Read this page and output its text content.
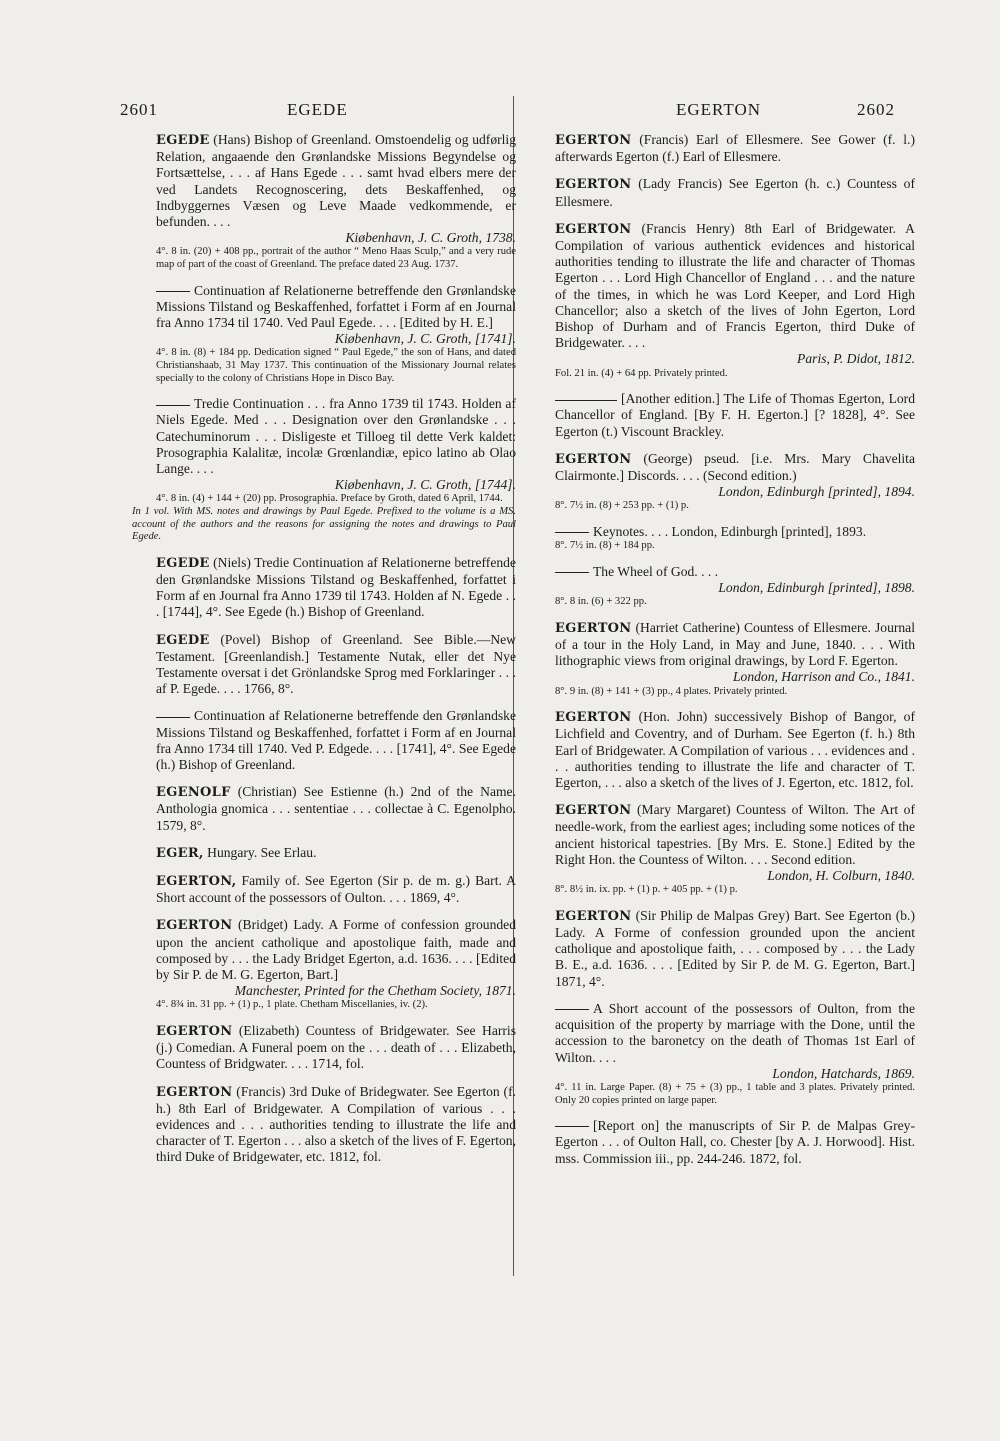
2601	EGEDE	EGERTON	2602

EGEDE (Hans) Bishop of Greenland. Omstoendelig og udførlig Relation, angaaende den Grønlandske Missions Begyndelse og Fortsættelse, . . . af Hans Egede . . . samt hvad elbers mere der ved Landets Recognoscering, dets Beskaffenhed, og Indbyggernes Væsen og Leve Maade vedkommende, er befunden. . . .

Kiøbenhavn, J. C. Groth, 1738.

4°. 8 in. (20) + 408 pp., portrait of the author “ Meno Haas Sculp,” and a very rude map of part of the coast of Greenland. The preface dated 23 Aug. 1737.

Continuation af Relationerne betreffende den Grønlandske Missions Tilstand og Beskaffenhed, forfattet i Form af en Journal fra Anno 1734 til 1740. Ved Paul Egede. . . . [Edited by H. E.]

Kiøbenhavn, J. C. Groth, [1741].

4°. 8 in. (8) + 184 pp. Dedication signed “ Paul Egede,” the son of Hans, and dated Christianshaab, 31 May 1737. This continuation of the Missionary Journal relates specially to the colony of Christians Hope in Disco Bay.

Tredie Continuation . . . fra Anno 1739 til 1743. Holden af Niels Egede. Med . . . Designation over den Grønlandske . . . Catechuminorum . . . Disligeste et Tilloeg til dette Verk kaldet: Prosographia Kalalitæ, incolæ Grœnlandiæ, epico latino ab Olao Lange. . . .

Kiøbenhavn, J. C. Groth, [1744].

4°. 8 in. (4) + 144 + (20) pp. Prosographia. Preface by Groth, dated 6 April, 1744.

In 1 vol. With MS. notes and drawings by Paul Egede. Prefixed to the volume is a MS. account of the authors and the reasons for assigning the notes and drawings to Paul Egede.

EGEDE (Niels) Tredie Continuation af Relationerne betreffende den Grønlandske Missions Tilstand og Beskaffenhed, forfattet i Form af en Journal fra Anno 1739 til 1743. Holden af N. Egede . . . [1744], 4°. See Egede (h.) Bishop of Greenland.

EGEDE (Povel) Bishop of Greenland. See Bible.—New Testament. [Greenlandish.] Testamente Nutak, eller det Nye Testamente oversat i det Grönlandske Sprog med Forklaringer . . . af P. Egede. . . . 1766, 8°.

Continuation af Relationerne betreffende den Grønlandske Missions Tilstand og Beskaffenhed, forfattet i Form af en Journal fra Anno 1734 till 1740. Ved P. Edgede. . . . [1741], 4°. See Egede (h.) Bishop of Greenland.

EGENOLF (Christian) See Estienne (h.) 2nd of the Name. Anthologia gnomica . . . sententiae . . . collectae à C. Egenolpho. 1579, 8°.

EGER, Hungary. See Erlau.

EGERTON, Family of. See Egerton (Sir p. de m. g.) Bart. A Short account of the possessors of Oulton. . . . 1869, 4°.

EGERTON (Bridget) Lady. A Forme of confession grounded upon the ancient catholique and apostolique faith, made and composed by . . . the Lady Bridget Egerton, a.d. 1636. . . . [Edited by Sir P. de M. G. Egerton, Bart.]

Manchester, Printed for the Chetham Society, 1871.

4°. 8¾ in. 31 pp. + (1) p., 1 plate. Chetham Miscellanies, iv. (2).

EGERTON (Elizabeth) Countess of Bridgewater. See Harris (j.) Comedian. A Funeral poem on the . . . death of . . . Elizabeth, Countess of Bridgwater. . . . 1714, fol.

EGERTON (Francis) 3rd Duke of Bridegwater. See Egerton (f. h.) 8th Earl of Bridgewater. A Compilation of various . . . evidences and . . . authorities tending to illustrate the life and character of T. Egerton . . . also a sketch of the lives of F. Egerton, third Duke of Bridgewater, etc. 1812, fol.

EGERTON (Francis) Earl of Ellesmere. See Gower (f. l.) afterwards Egerton (f.) Earl of Ellesmere.

EGERTON (Lady Francis) See Egerton (h. c.) Countess of Ellesmere.

EGERTON (Francis Henry) 8th Earl of Bridgewater. A Compilation of various authentick evidences and historical authorities tending to illustrate the life and character of Thomas Egerton . . . Lord High Chancellor of England . . . and the nature of the times, in which he was Lord Keeper, and Lord High Chancellor; also a sketch of the lives of John Egerton, Lord Bishop of Durham and of Francis Egerton, third Duke of Bridgewater. . . .

Paris, P. Didot, 1812.

Fol. 21 in. (4) + 64 pp. Privately printed.

[Another edition.] The Life of Thomas Egerton, Lord Chancellor of England. [By F. H. Egerton.] [? 1828], 4°. See Egerton (t.) Viscount Brackley.

EGERTON (George) pseud. [i.e. Mrs. Mary Chavelita Clairmonte.] Discords. . . . (Second edition.)

London, Edinburgh [printed], 1894.

8°. 7½ in. (8) + 253 pp. + (1) p.

Keynotes. . . . London, Edinburgh [printed], 1893.

8°. 7½ in. (8) + 184 pp.

The Wheel of God. . . .

London, Edinburgh [printed], 1898.

8°. 8 in. (6) + 322 pp.

EGERTON (Harriet Catherine) Countess of Ellesmere. Journal of a tour in the Holy Land, in May and June, 1840. . . . With lithographic views from original drawings, by Lord F. Egerton.

London, Harrison and Co., 1841.

8°. 9 in. (8) + 141 + (3) pp., 4 plates. Privately printed.

EGERTON (Hon. John) successively Bishop of Bangor, of Lichfield and Coventry, and of Durham. See Egerton (f. h.) 8th Earl of Bridgewater. A Compilation of various . . . evidences and . . . authorities tending to illustrate the life and character of T. Egerton, . . . also a sketch of the lives of J. Egerton, etc. 1812, fol.

EGERTON (Mary Margaret) Countess of Wilton. The Art of needle-work, from the earliest ages; including some notices of the ancient historical tapestries. [By Mrs. E. Stone.] Edited by the Right Hon. the Countess of Wilton. . . . Second edition.

London, H. Colburn, 1840.

8°. 8½ in. ix. pp. + (1) p. + 405 pp. + (1) p.

EGERTON (Sir Philip de Malpas Grey) Bart. See Egerton (b.) Lady. A Forme of confession grounded upon the ancient catholique and apostolique faith, . . . composed by . . . the Lady B. E., a.d. 1636. . . . [Edited by Sir P. de M. G. Egerton, Bart.] 1871, 4°.

A Short account of the possessors of Oulton, from the acquisition of the property by marriage with the Done, until the accession to the baronetcy on the death of Thomas 1st Earl of Wilton. . . .

London, Hatchards, 1869.

4°. 11 in. Large Paper. (8) + 75 + (3) pp., 1 table and 3 plates. Privately printed. Only 20 copies printed on large paper.

[Report on] the manuscripts of Sir P. de Malpas Grey-Egerton . . . of Oulton Hall, co. Chester [by A. J. Horwood]. Hist. mss. Commission iii., pp. 244-246. 1872, fol.
